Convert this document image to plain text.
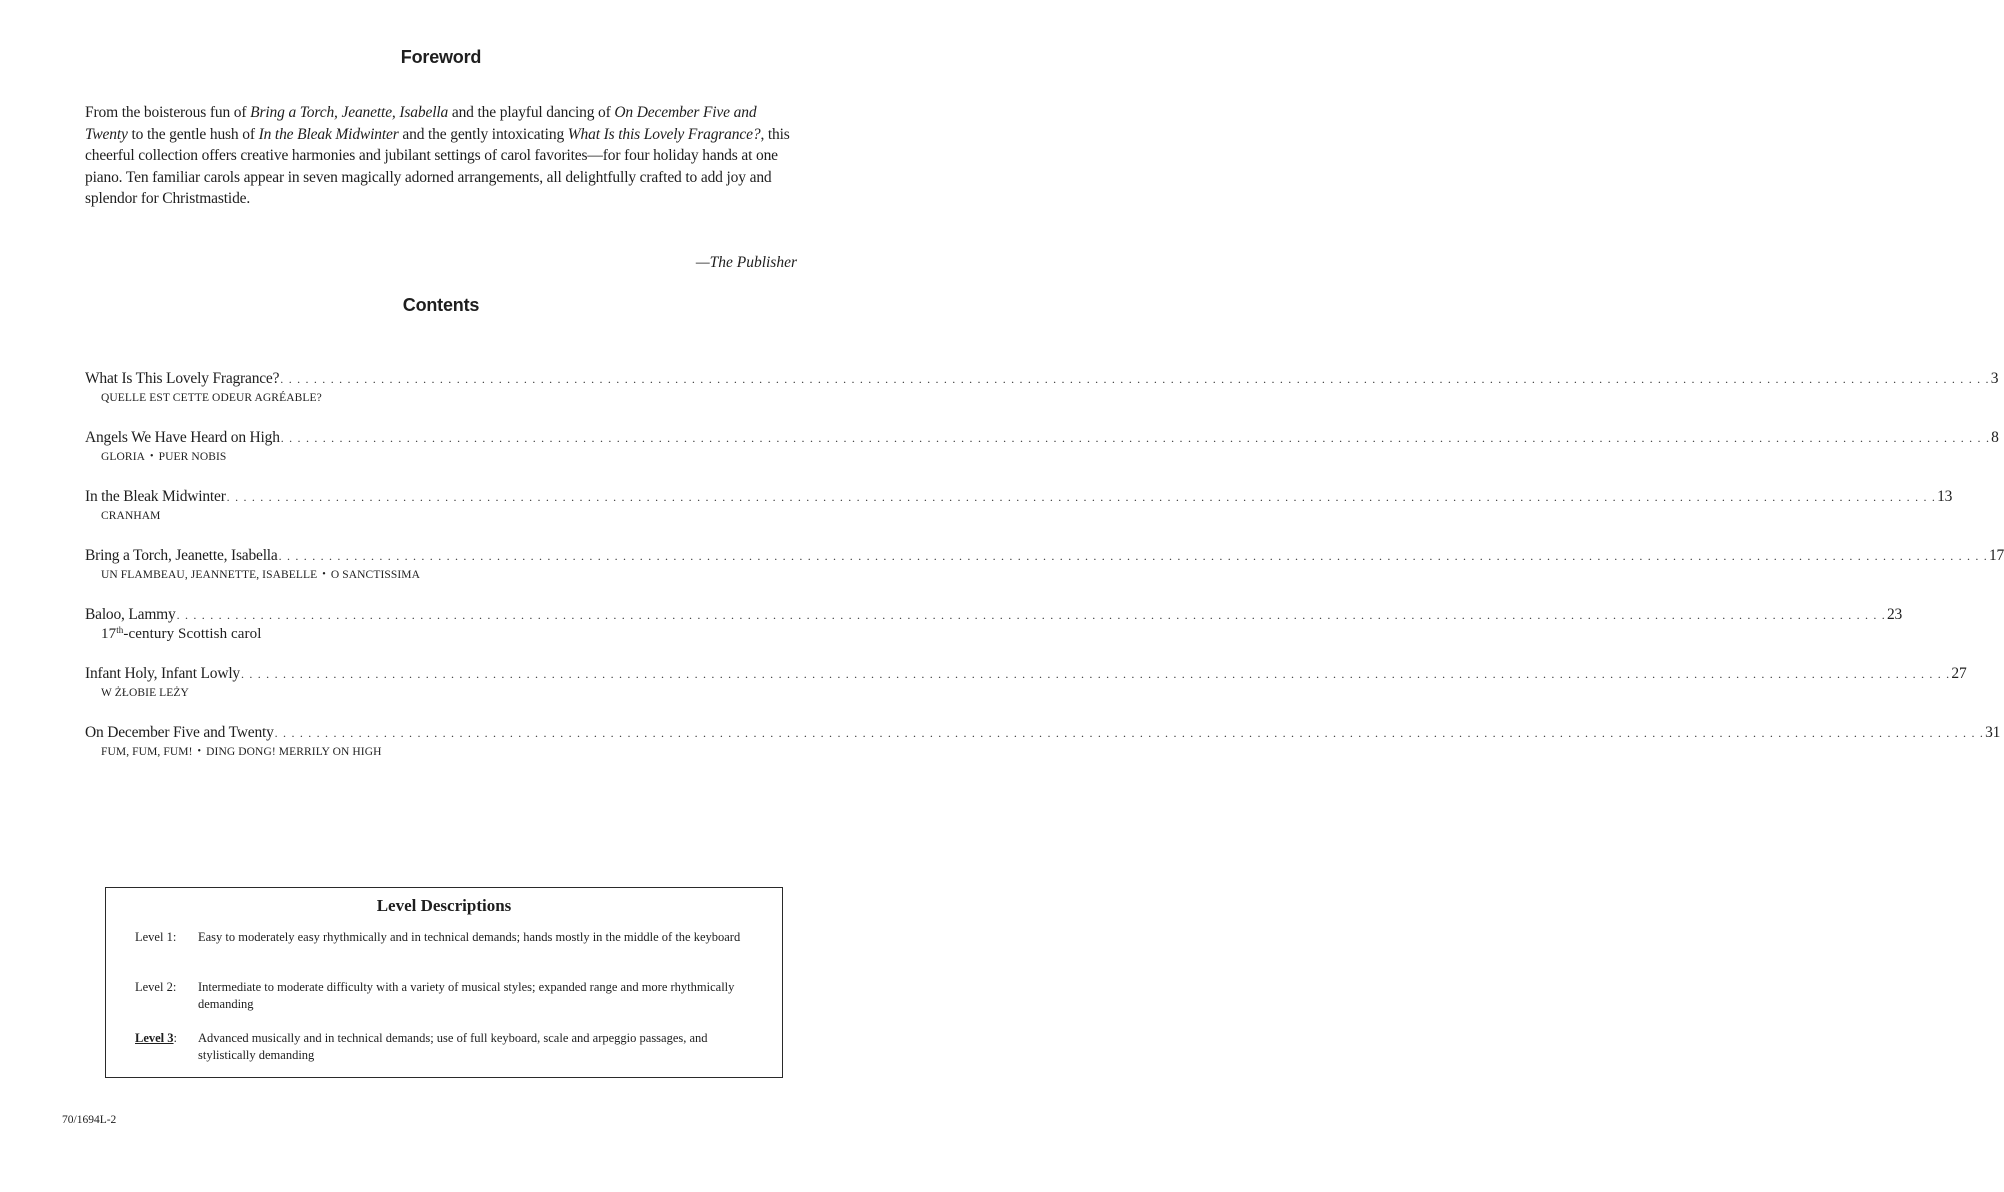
Foreword

From the boisterous fun of Bring a Torch, Jeanette, Isabella and the playful dancing of On December Five and Twenty to the gentle hush of In the Bleak Midwinter and the gently intoxicating What Is this Lovely Fragrance?, this cheerful collection offers creative harmonies and jubilant settings of carol favorites—for four holiday hands at one piano. Ten familiar carols appear in seven magically adorned arrangements, all delightfully crafted to add joy and splendor for Christmastide.

—The Publisher
Contents
What Is This Lovely Fragrance? . . . . . . . . . . . . . . . . . . . . . . . . . . . . . . . . . . . . . . . . . . . . . . . . . . . . . . . . . . . . . . . . . . . . . . . . . . . . . . . . . . . . . . . . . . . . . . . . . . . . . . . . . . . . . . . . . . . . . . . . . . . . . . . . . . . . . . . . . . . . . . . . . . . . . . . . . . . . . . . . . . . . . . . . . . . . . . . . . . . . . . . . . . . . . . . . . . . . . . . . . . . . 3
QUELLE EST CETTE ODEUR AGRÉABLE?
Angels We Have Heard on High . . . . . . . . . . . . . . . . . . . . . . . . . . . . . . . . . . . . . . . . . . . . . . . . . . . . . . . . . . . . . . . . . . . . . . . . . . . . . . . . . . . . . . . . . . . . . . . . . . . . . . . . . . . . . . . . . . . . . . . . . . . . . . . . . . . . . . . . . . . . . . . . . . . . . . . . . . . . . . . . . . . . . . . . . . . . . . . . . . . . . . . . . . . . . . . . . . . . . . . . . . . . 8
GLORIA • PUER NOBIS
In the Bleak Midwinter . . . . . . . . . . . . . . . . . . . . . . . . . . . . . . . . . . . . . . . . . . . . . . . . . . . . . . . . . . . . . . . . . . . . . . . . . . . . . . . . . . . . . . . . . . . . . . . . . . . . . . . . . . . . . . . . . . . . . . . . . . . . . . . . . . . . . . . . . . . . . . . . . . . . . . . . . . . . . . . . . . . . . . . . . . . . . . . . . . . . . . . . . . . . . . . . . . . . . . . . . . . . 13
CRANHAM
Bring a Torch, Jeanette, Isabella . . . . . . . . . . . . . . . . . . . . . . . . . . . . . . . . . . . . . . . . . . . . . . . . . . . . . . . . . . . . . . . . . . . . . . . . . . . . . . . . . . . . . . . . . . . . . . . . . . . . . . . . . . . . . . . . . . . . . . . . . . . . . . . . . . . . . . . . . . . . . . . . . . . . . . . . . . . . . . . . . . . . . . . . . . . . . . . . . . . . . . . . . . . . . . . . . . . . . . . . . . . . 17
UN FLAMBEAU, JEANNETTE, ISABELLE • O SANCTISSIMA
Baloo, Lammy . . . . . . . . . . . . . . . . . . . . . . . . . . . . . . . . . . . . . . . . . . . . . . . . . . . . . . . . . . . . . . . . . . . . . . . . . . . . . . . . . . . . . . . . . . . . . . . . . . . . . . . . . . . . . . . . . . . . . . . . . . . . . . . . . . . . . . . . . . . . . . . . . . . . . . . . . . . . . . . . . . . . . . . . . . . . . . . . . . . . . . . . . . . . . . . . . . . . . . . . . . . . 23
17th-century Scottish carol
Infant Holy, Infant Lowly . . . . . . . . . . . . . . . . . . . . . . . . . . . . . . . . . . . . . . . . . . . . . . . . . . . . . . . . . . . . . . . . . . . . . . . . . . . . . . . . . . . . . . . . . . . . . . . . . . . . . . . . . . . . . . . . . . . . . . . . . . . . . . . . . . . . . . . . . . . . . . . . . . . . . . . . . . . . . . . . . . . . . . . . . . . . . . . . . . . . . . . . . . . . . . . . . . . . . . . . . . . . 27
W ŻŁOBIE LEŻY
On December Five and Twenty . . . . . . . . . . . . . . . . . . . . . . . . . . . . . . . . . . . . . . . . . . . . . . . . . . . . . . . . . . . . . . . . . . . . . . . . . . . . . . . . . . . . . . . . . . . . . . . . . . . . . . . . . . . . . . . . . . . . . . . . . . . . . . . . . . . . . . . . . . . . . . . . . . . . . . . . . . . . . . . . . . . . . . . . . . . . . . . . . . . . . . . . . . . . . . . . . . . . . . . . . . . . 31
FUM, FUM, FUM! • DING DONG! MERRILY ON HIGH
Level Descriptions
Level 1:	Easy to moderately easy rhythmically and in technical demands; hands mostly in the middle of the keyboard
Level 2:	Intermediate to moderate difficulty with a variety of musical styles; expanded range and more rhythmically demanding
Level 3:	Advanced musically and in technical demands; use of full keyboard, scale and arpeggio passages, and stylistically demanding
70/1694L-2
